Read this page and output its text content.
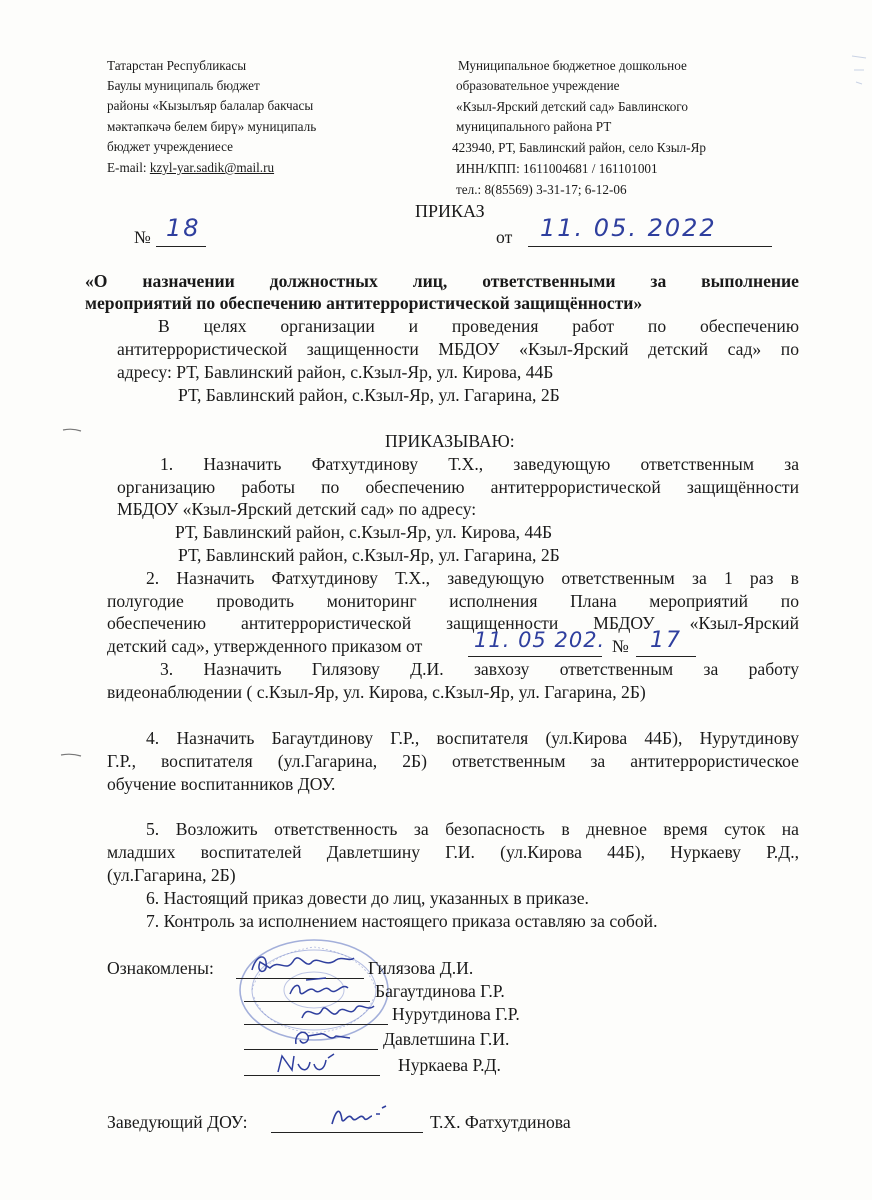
Татарстан Республикасы
Баулы муниципаль бюджет
районы «Кызылъяр балалар бакчасы
мәктәпкәчә белем бирү» муниципаль
бюджет учреждениесе
E-mail: kzyl-yar.sadik@mail.ru
Муниципальное бюджетное дошкольное
образовательное учреждение
«Кзыл-Ярский детский сад» Бавлинского
муниципального района РТ
423940, РТ, Бавлинский район, село Кзыл-Яр
ИНН/КПП: 1611004681 / 161101001
тел.: 8(85569) 3-31-17; 6-12-06
ПРИКАЗ
№ 18	от 11. 05. 2022
«О назначении должностных лиц, ответственными за выполнение
мероприятий по обеспечению антитеррористической защищённости»
В целях организации и проведения работ по обеспечению
антитеррористической защищенности МБДОУ «Кзыл-Ярский детский сад» по
адресу: РТ, Бавлинский район, с.Кзыл-Яр, ул. Кирова, 44Б
РТ, Бавлинский район, с.Кзыл-Яр, ул. Гагарина, 2Б
ПРИКАЗЫВАЮ:
1. Назначить Фатхутдинову Т.Х., заведующую ответственным за
организацию работы по обеспечению антитеррористической защищённости
МБДОУ «Кзыл-Ярский детский сад» по адресу:
РТ, Бавлинский район, с.Кзыл-Яр, ул. Кирова, 44Б
РТ, Бавлинский район, с.Кзыл-Яр, ул. Гагарина, 2Б
2. Назначить Фатхутдинову Т.Х., заведующую ответственным за 1 раз в
полугодие проводить мониторинг исполнения Плана мероприятий по
обеспечению антитеррористической защищенности МБДОУ «Кзыл-Ярский
детский сад», утвержденного приказом от 11. 05 202. № 17
3. Назначить Гилязову Д.И. завхозу ответственным за работу
видеонаблюдении ( с.Кзыл-Яр, ул. Кирова, с.Кзыл-Яр, ул. Гагарина, 2Б)
4. Назначить Багаутдинову Г.Р., воспитателя (ул.Кирова 44Б), Нурутдинову
Г.Р., воспитателя (ул.Гагарина, 2Б) ответственным за антитеррористическое
обучение воспитанников ДОУ.
5. Возложить ответственность за безопасность в дневное время суток на
младших воспитателей Давлетшину Г.И. (ул.Кирова 44Б), Нуркаеву Р.Д.,
(ул.Гагарина, 2Б)
6. Настоящий приказ довести до лиц, указанных в приказе.
7. Контроль за исполнением настоящего приказа оставляю за собой.
Ознакомлены:	Гилязова Д.И.
Багаутдинова Г.Р.
Нурутдинова Г.Р.
Давлетшина Г.И.
Нуркаева Р.Д.
Заведующий ДОУ:	Т.Х. Фатхутдинова
